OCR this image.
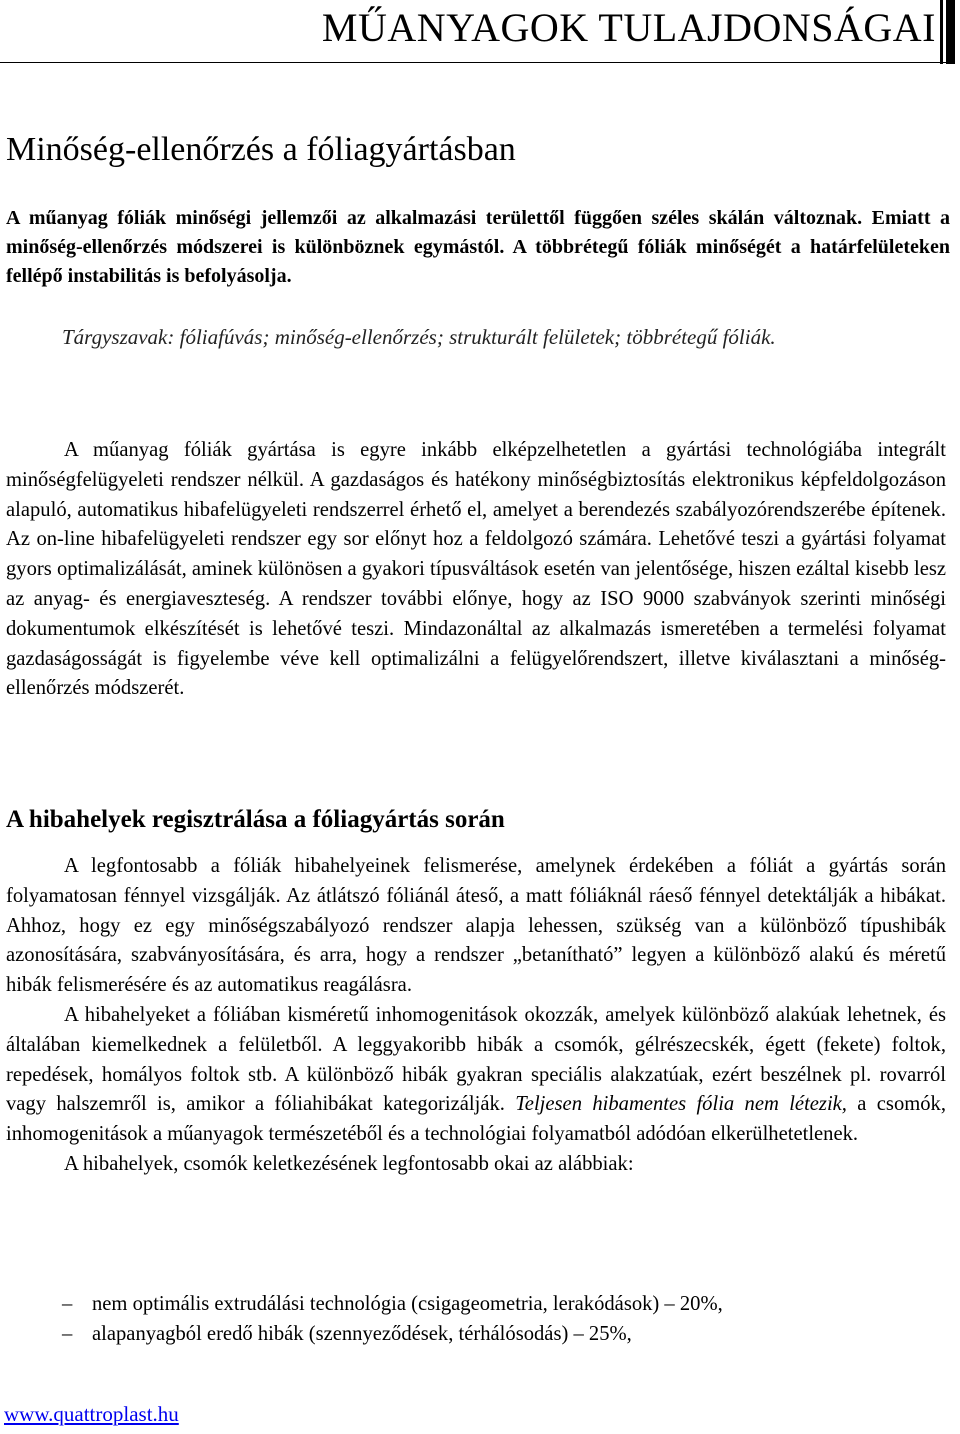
MŰANYAGOK TULAJDONSÁGAI
Minőség-ellenőrzés a fóliagyártásban

A műanyag fóliák minőségi jellemzői az alkalmazási területtől függően széles skálán változnak. Emiatt a minőség-ellenőrzés módszerei is különböznek egymástól. A többrétegű fóliák minőségét a határfelületeken fellépő instabilitás is befolyásolja.

Tárgyszavak: fóliafúvás; minőség-ellenőrzés; strukturált felületek; többrétegű fóliák.

A műanyag fóliák gyártása is egyre inkább elképzelhetetlen a gyártási technológiába integrált minőségfelügyeleti rendszer nélkül. A gazdaságos és hatékony minőségbiztosítás elektronikus képfeldolgozáson alapuló, automatikus hibafelügyeleti rendszerrel érhető el, amelyet a berendezés szabályozórendszerébe építenek. Az on-line hibafelügyeleti rendszer egy sor előnyt hoz a feldolgozó számára. Lehetővé teszi a gyártási folyamat gyors optimalizálását, aminek különösen a gyakori típusváltások esetén van jelentősége, hiszen ezáltal kisebb lesz az anyag- és energiaveszteség. A rendszer további előnye, hogy az ISO 9000 szabványok szerinti minőségi dokumentumok elkészítését is lehetővé teszi. Mindazonáltal az alkalmazás ismeretében a termelési folyamat gazdaságosságát is figyelembe véve kell optimalizálni a felügyelőrendszert, illetve kiválasztani a minőség-ellenőrzés módszerét.

A hibahelyek regisztrálása a fóliagyártás során

A legfontosabb a fóliák hibahelyeinek felismerése, amelynek érdekében a fóliát a gyártás során folyamatosan fénnyel vizsgálják. Az átlátszó fóliánál áteső, a matt fóliáknál ráeső fénnyel detektálják a hibákat. Ahhoz, hogy ez egy minőségszabályozó rendszer alapja lehessen, szükség van a különböző típushibák azonosítására, szabványosítására, és arra, hogy a rendszer „betanítható” legyen a különböző alakú és méretű hibák felismerésére és az automatikus reagálásra.

A hibahelyeket a fóliában kisméretű inhomogenitások okozzák, amelyek különböző alakúak lehetnek, és általában kiemelkednek a felületből. A leggyakoribb hibák a csomók, gélrészecskék, égett (fekete) foltok, repedések, homályos foltok stb. A különböző hibák gyakran speciális alakzatúak, ezért beszélnek pl. rovarról vagy halszemről is, amikor a fóliahibákat kategorizálják. Teljesen hibamentes fólia nem létezik, a csomók, inhomogenitások a műanyagok természetéből és a technológiai folyamatból adódóan elkerülhetetlenek.

A hibahelyek, csomók keletkezésének legfontosabb okai az alábbiak:

– nem optimális extrudálási technológia (csigageometria, lerakódások) – 20%,
– alapanyagból eredő hibák (szennyeződések, térhálósodás) – 25%,
www.quattroplast.hu
